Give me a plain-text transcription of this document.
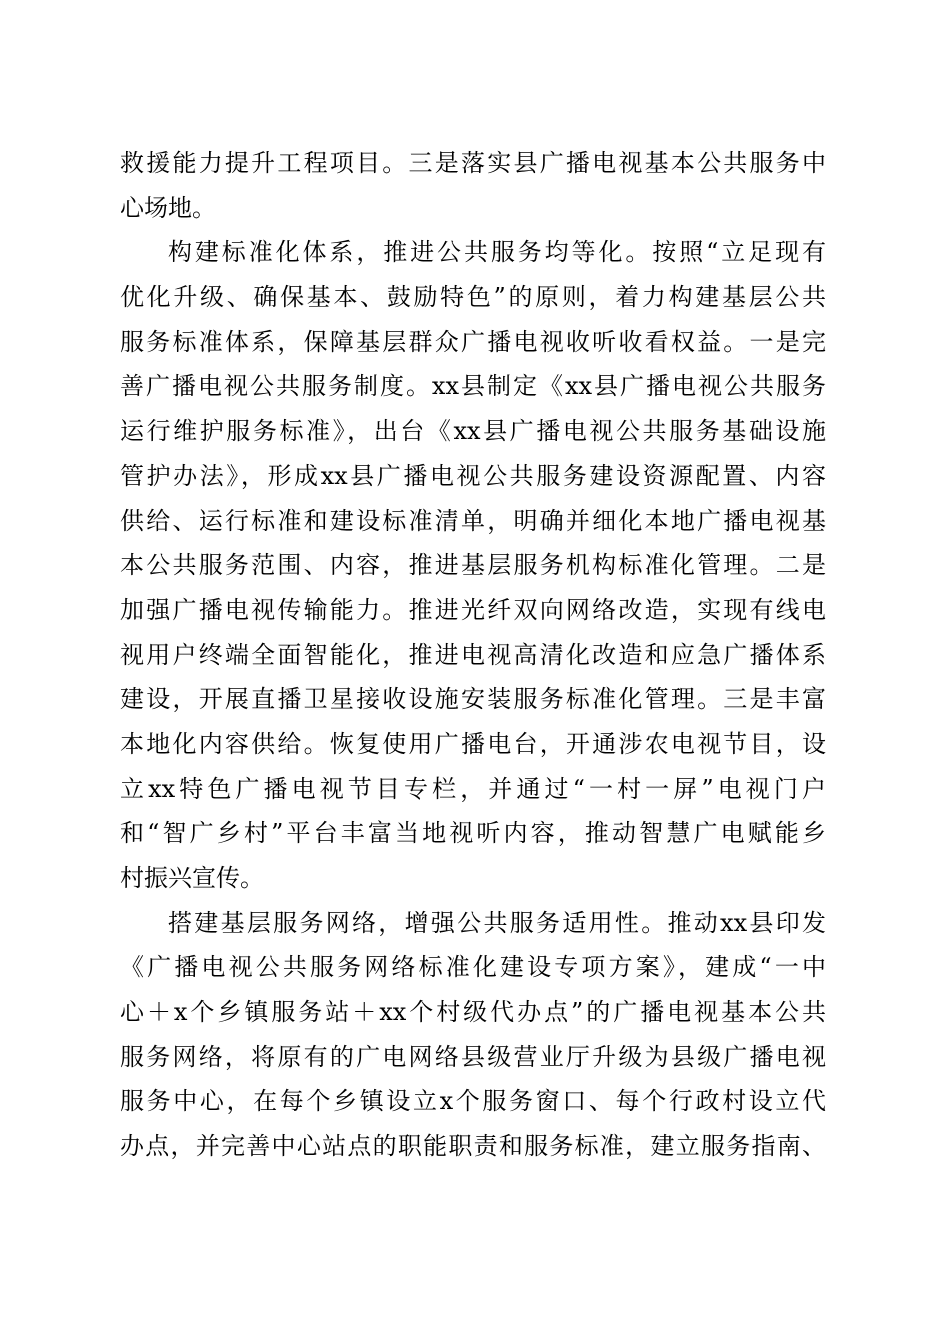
救援能力提升工程项目。三是落实县广播电视基本公共服务中
心场地。
构建标准化体系，推进公共服务均等化。按照“立足现有
优化升级、确保基本、鼓励特色”的原则，着力构建基层公共
服务标准体系，保障基层群众广播电视收听收看权益。一是完
善广播电视公共服务制度。xx县制定《xx县广播电视公共服务
运行维护服务标准》，出台《xx县广播电视公共服务基础设施
管护办法》，形成xx县广播电视公共服务建设资源配置、内容
供给、运行标准和建设标准清单，明确并细化本地广播电视基
本公共服务范围、内容，推进基层服务机构标准化管理。二是
加强广播电视传输能力。推进光纤双向网络改造，实现有线电
视用户终端全面智能化，推进电视高清化改造和应急广播体系
建设，开展直播卫星接收设施安装服务标准化管理。三是丰富
本地化内容供给。恢复使用广播电台，开通涉农电视节目，设
立xx特色广播电视节目专栏，并通过“一村一屏”电视门户
和“智广乡村”平台丰富当地视听内容，推动智慧广电赋能乡
村振兴宣传。
搭建基层服务网络，增强公共服务适用性。推动xx县印发
《广播电视公共服务网络标准化建设专项方案》，建成“一中
心＋x个乡镇服务站＋xx个村级代办点”的广播电视基本公共
服务网络，将原有的广电网络县级营业厅升级为县级广播电视
服务中心，在每个乡镇设立x个服务窗口、每个行政村设立代
办点，并完善中心站点的职能职责和服务标准，建立服务指南、
